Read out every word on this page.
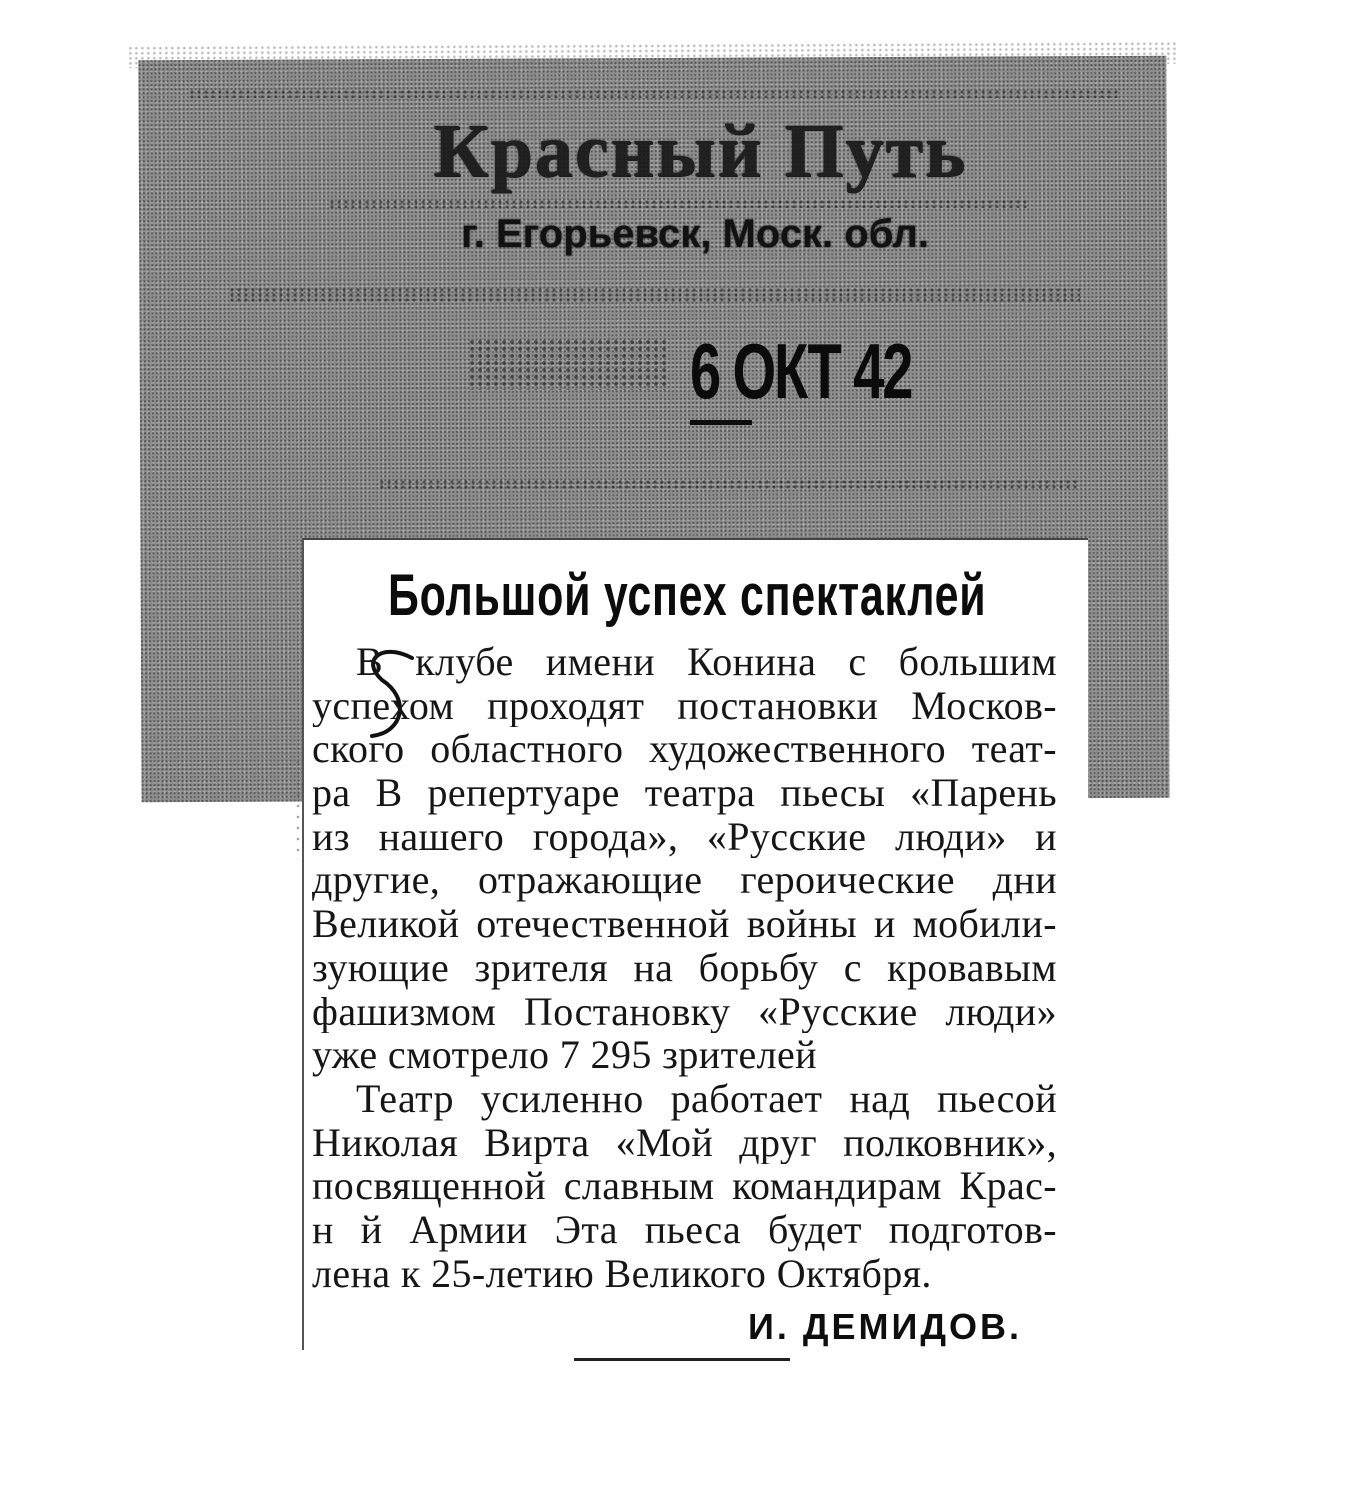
Красный Путь
г. Егорьевск, Моск. обл.
6 ОКТ 42
Большой успех спектаклей
В клубе имени Конина с большим
успехом проходят постановки Москов-
ского областного художественного теат-
ра В репертуаре театра пьесы «Парень
из нашего города», «Русские люди» и
другие, отражающие героические дни
Великой отечественной войны и мобили-
зующие зрителя на борьбу с кровавым
фашизмом Постановку «Русские люди»
уже смотрело 7 295 зрителей
Театр усиленно работает над пьесой
Николая Вирта «Мой друг полковник»,
посвященной славным командирам Крас-
н й Армии Эта пьеса будет подготов-
лена к 25-летию Великого Октября.
И. ДЕМИДОВ.
